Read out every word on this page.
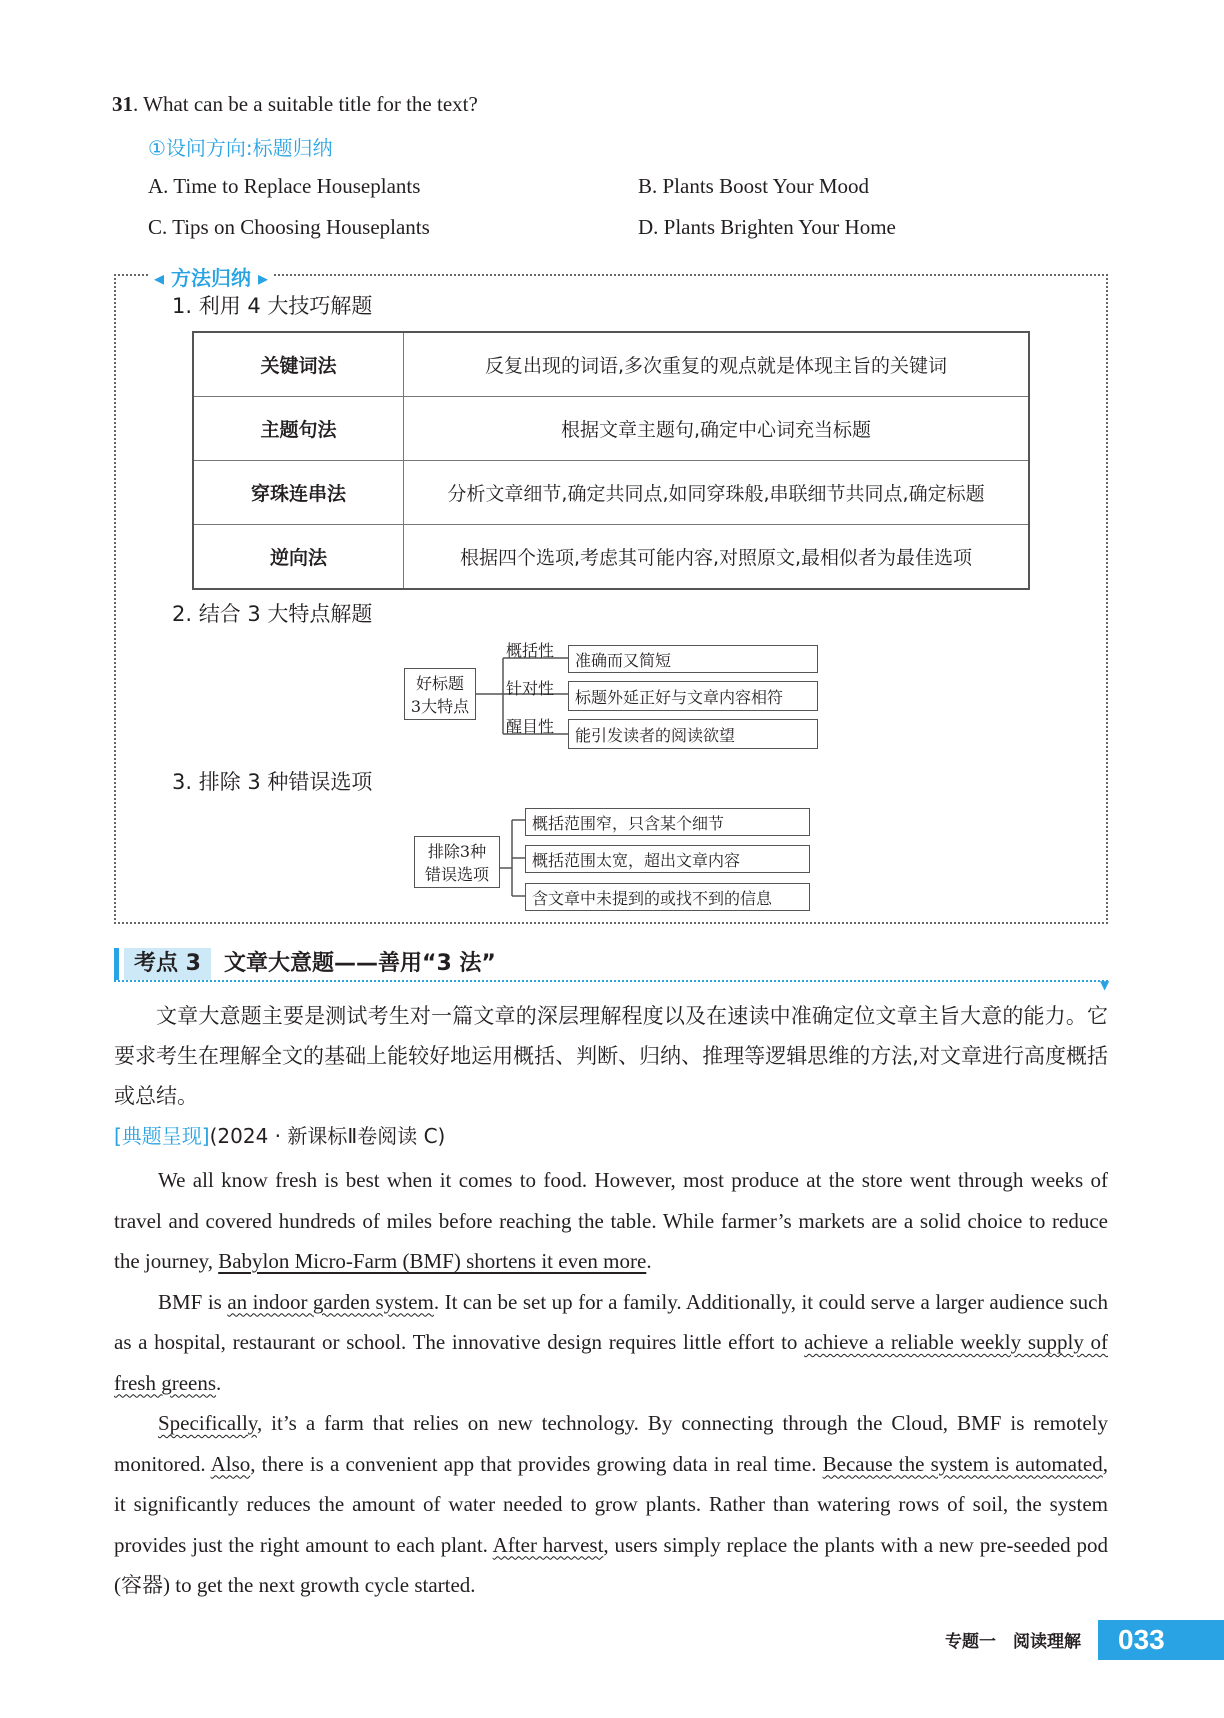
31. What can be a suitable title for the text?
①设问方向:标题归纳
A. Time to Replace Houseplants	B. Plants Boost Your Mood
C. Tips on Choosing Houseplants	D. Plants Brighten Your Home
◂ 方法归纳 ▸
1. 利用 4 大技巧解题
关键词法	反复出现的词语,多次重复的观点就是体现主旨的关键词
主题句法	根据文章主题句,确定中心词充当标题
穿珠连串法	分析文章细节,确定共同点,如同穿珠般,串联细节共同点,确定标题
逆向法	根据四个选项,考虑其可能内容,对照原文,最相似者为最佳选项
2. 结合 3 大特点解题
好标题
3大特点
概括性
针对性
醒目性
准确而又简短
标题外延正好与文章内容相符
能引发读者的阅读欲望
3. 排除 3 种错误选项
排除3种
错误选项
概括范围窄，只含某个细节
概括范围太宽，超出文章内容
含文章中未提到的或找不到的信息
考点 3	文章大意题——善用“3 法”
▼
文章大意题主要是测试考生对一篇文章的深层理解程度以及在速读中准确定位文章主旨大意的能力。它要求考生在理解全文的基础上能较好地运用概括、判断、归纳、推理等逻辑思维的方法,对文章进行高度概括或总结。
[典题呈现](2024 · 新课标Ⅱ卷阅读 C)

We all know fresh is best when it comes to food. However, most produce at the store went through weeks of travel and covered hundreds of miles before reaching the table. While farmer’s markets are a solid choice to reduce the journey, Babylon Micro-Farm (BMF) shortens it even more.

BMF is an indoor garden system. It can be set up for a family. Additionally, it could serve a larger audience such as a hospital, restaurant or school. The innovative design requires little effort to achieve a reliable weekly supply of fresh greens.

Specifically, it’s a farm that relies on new technology. By connecting through the Cloud, BMF is remotely monitored. Also, there is a convenient app that provides growing data in real time. Because the system is automated, it significantly reduces the amount of water needed to grow plants. Rather than watering rows of soil, the system provides just the right amount to each plant. After harvest, users simply replace the plants with a new pre-seeded pod (容器) to get the next growth cycle started.

专题一　阅读理解 033
